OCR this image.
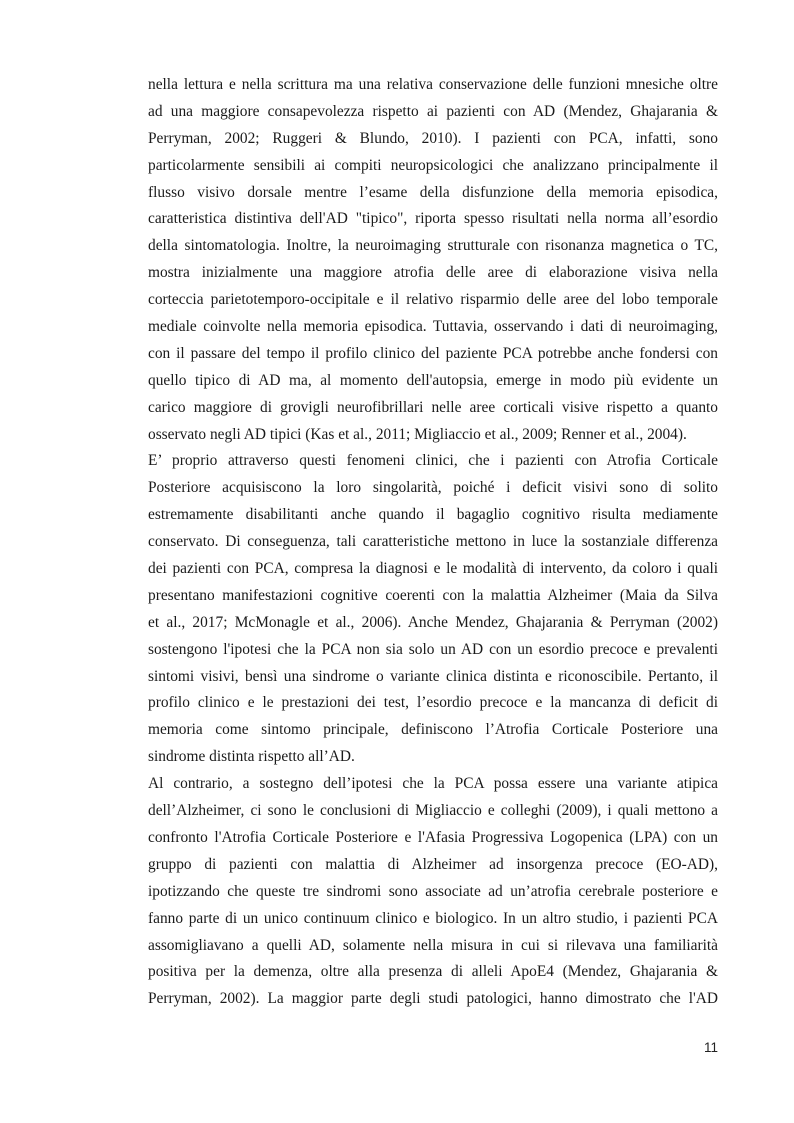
nella lettura e nella scrittura ma una relativa conservazione delle funzioni mnesiche oltre
ad una maggiore consapevolezza rispetto ai pazienti con AD (Mendez, Ghajarania &
Perryman, 2002; Ruggeri & Blundo, 2010). I pazienti con PCA, infatti, sono
particolarmente sensibili ai compiti neuropsicologici che analizzano principalmente il
flusso visivo dorsale mentre l’esame della disfunzione della memoria episodica,
caratteristica distintiva dell'AD "tipico", riporta spesso risultati nella norma all’esordio
della sintomatologia. Inoltre, la neuroimaging strutturale con risonanza magnetica o TC,
mostra inizialmente una maggiore atrofia delle aree di elaborazione visiva nella
corteccia parietotemporo-occipitale e il relativo risparmio delle aree del lobo temporale
mediale coinvolte nella memoria episodica. Tuttavia, osservando i dati di neuroimaging,
con il passare del tempo il profilo clinico del paziente PCA potrebbe anche fondersi con
quello tipico di AD ma, al momento dell'autopsia, emerge in modo più evidente un
carico maggiore di grovigli neurofibrillari nelle aree corticali visive rispetto a quanto
osservato negli AD tipici (Kas et al., 2011; Migliaccio et al., 2009; Renner et al., 2004).
E’ proprio attraverso questi fenomeni clinici, che i pazienti con Atrofia Corticale
Posteriore acquisiscono la loro singolarità, poiché i deficit visivi sono di solito
estremamente disabilitanti anche quando il bagaglio cognitivo risulta mediamente
conservato. Di conseguenza, tali caratteristiche mettono in luce la sostanziale differenza
dei pazienti con PCA, compresa la diagnosi e le modalità di intervento, da coloro i quali
presentano manifestazioni cognitive coerenti con la malattia Alzheimer (Maia da Silva
et al., 2017; McMonagle et al., 2006). Anche Mendez, Ghajarania & Perryman (2002)
sostengono l'ipotesi che la PCA non sia solo un AD con un esordio precoce e prevalenti
sintomi visivi, bensì una sindrome o variante clinica distinta e riconoscibile. Pertanto, il
profilo clinico e le prestazioni dei test, l’esordio precoce e la mancanza di deficit di
memoria come sintomo principale, definiscono l’Atrofia Corticale Posteriore una
sindrome distinta rispetto all’AD.
Al contrario, a sostegno dell’ipotesi che la PCA possa essere una variante atipica
dell’Alzheimer, ci sono le conclusioni di Migliaccio e colleghi (2009), i quali mettono a
confronto l'Atrofia Corticale Posteriore e l'Afasia Progressiva Logopenica (LPA) con un
gruppo di pazienti con malattia di Alzheimer ad insorgenza precoce (EO-AD),
ipotizzando che queste tre sindromi sono associate ad un’atrofia cerebrale posteriore e
fanno parte di un unico continuum clinico e biologico. In un altro studio, i pazienti PCA
assomigliavano a quelli AD, solamente nella misura in cui si rilevava una familiarità
positiva per la demenza, oltre alla presenza di alleli ApoE4 (Mendez, Ghajarania &
Perryman, 2002). La maggior parte degli studi patologici, hanno dimostrato che l'AD
11
